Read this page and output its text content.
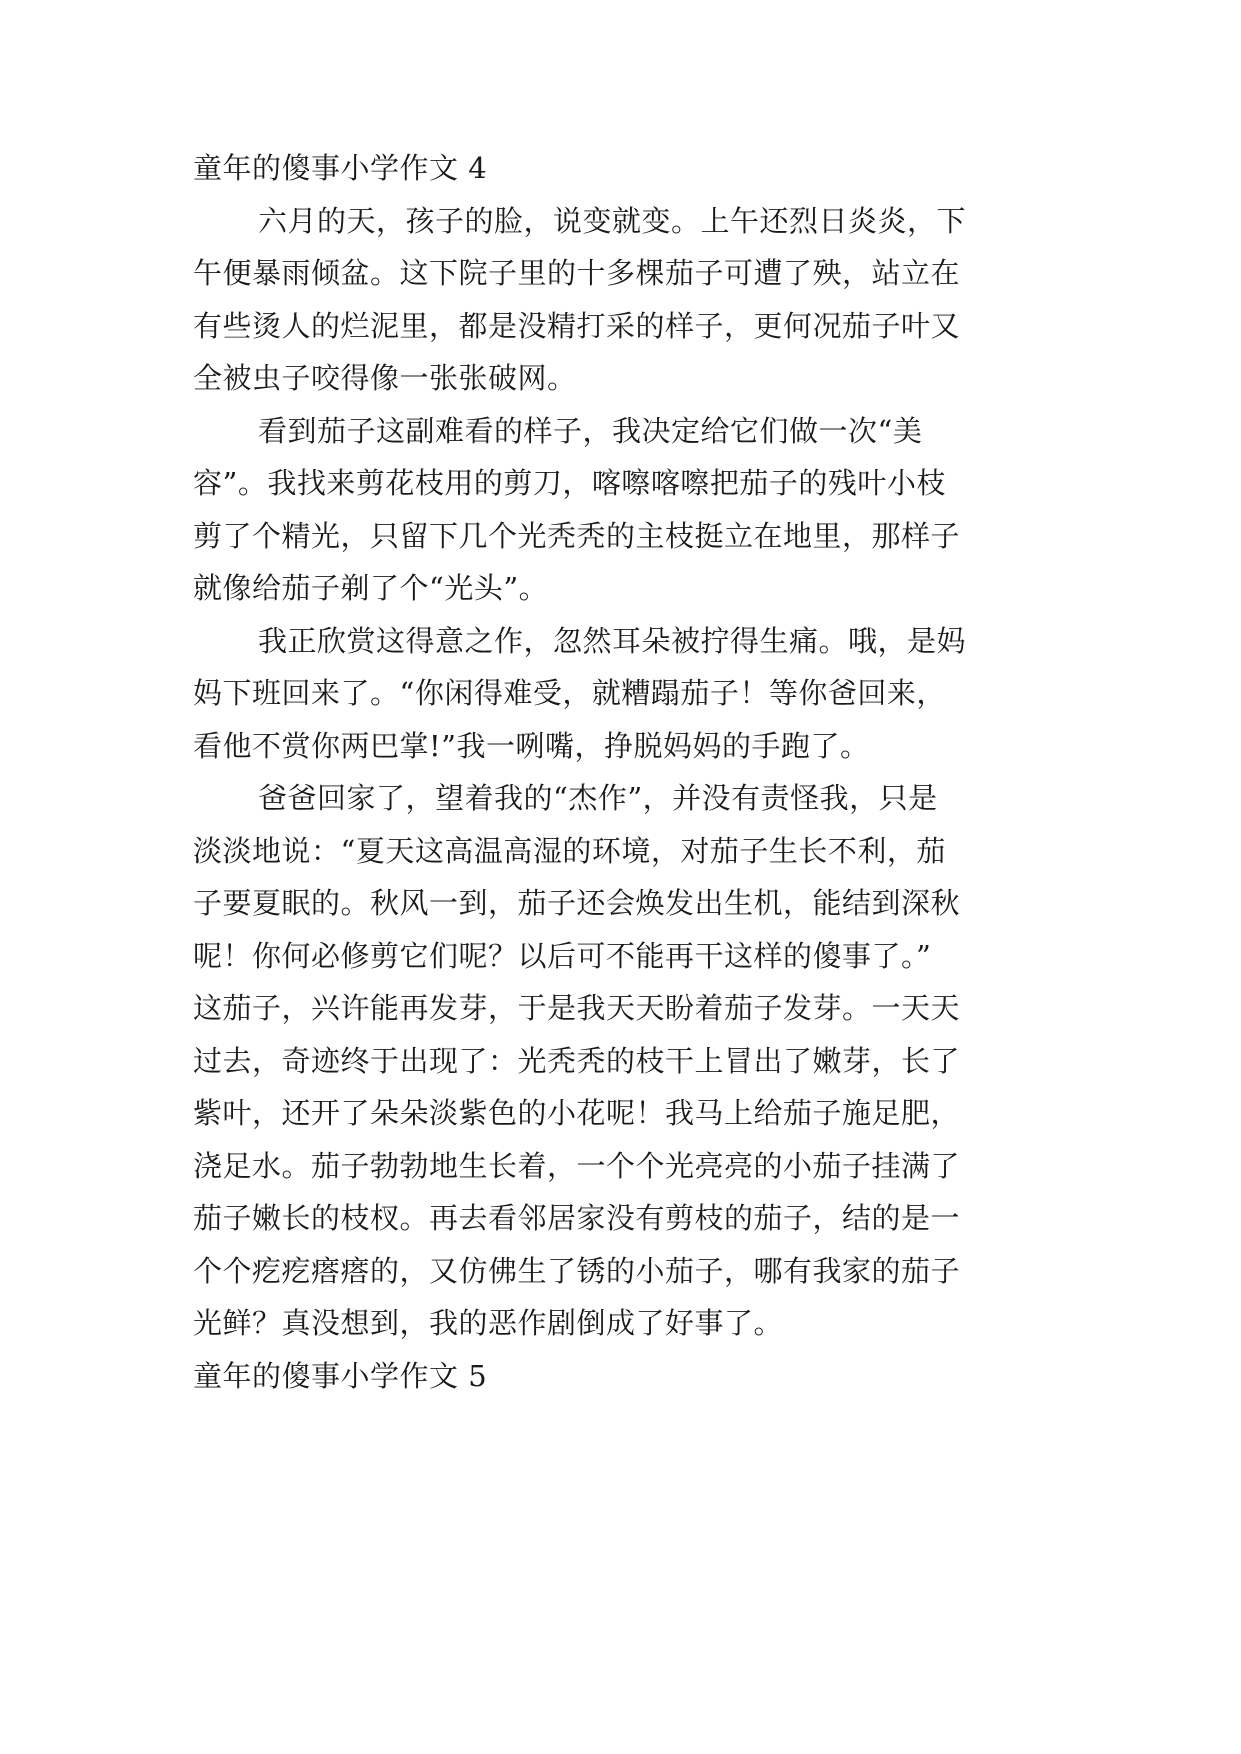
童年的傻事小学作文 4

六月的天，孩子的脸，说变就变。上午还烈日炎炎，下

午便暴雨倾盆。这下院子里的十多棵茄子可遭了殃，站立在

有些烫人的烂泥里，都是没精打采的样子，更何况茄子叶又

全被虫子咬得像一张张破网。

看到茄子这副难看的样子，我决定给它们做一次“美

容”。我找来剪花枝用的剪刀，喀嚓喀嚓把茄子的残叶小枝

剪了个精光，只留下几个光秃秃的主枝挺立在地里，那样子

就像给茄子剃了个“光头”。

我正欣赏这得意之作，忽然耳朵被拧得生痛。哦，是妈

妈下班回来了。“你闲得难受，就糟蹋茄子！等你爸回来，

看他不赏你两巴掌!”我一咧嘴，挣脱妈妈的手跑了。

爸爸回家了，望着我的“杰作”，并没有责怪我，只是

淡淡地说：“夏天这高温高湿的环境，对茄子生长不利，茄

子要夏眠的。秋风一到，茄子还会焕发出生机，能结到深秋

呢！你何必修剪它们呢？以后可不能再干这样的傻事了。”

这茄子，兴许能再发芽，于是我天天盼着茄子发芽。一天天

过去，奇迹终于出现了：光秃秃的枝干上冒出了嫩芽，长了

紫叶，还开了朵朵淡紫色的小花呢！我马上给茄子施足肥，

浇足水。茄子勃勃地生长着，一个个光亮亮的小茄子挂满了

茄子嫩长的枝杈。再去看邻居家没有剪枝的茄子，结的是一

个个疙疙瘩瘩的，又仿佛生了锈的小茄子，哪有我家的茄子

光鲜？真没想到，我的恶作剧倒成了好事了。

童年的傻事小学作文 5
